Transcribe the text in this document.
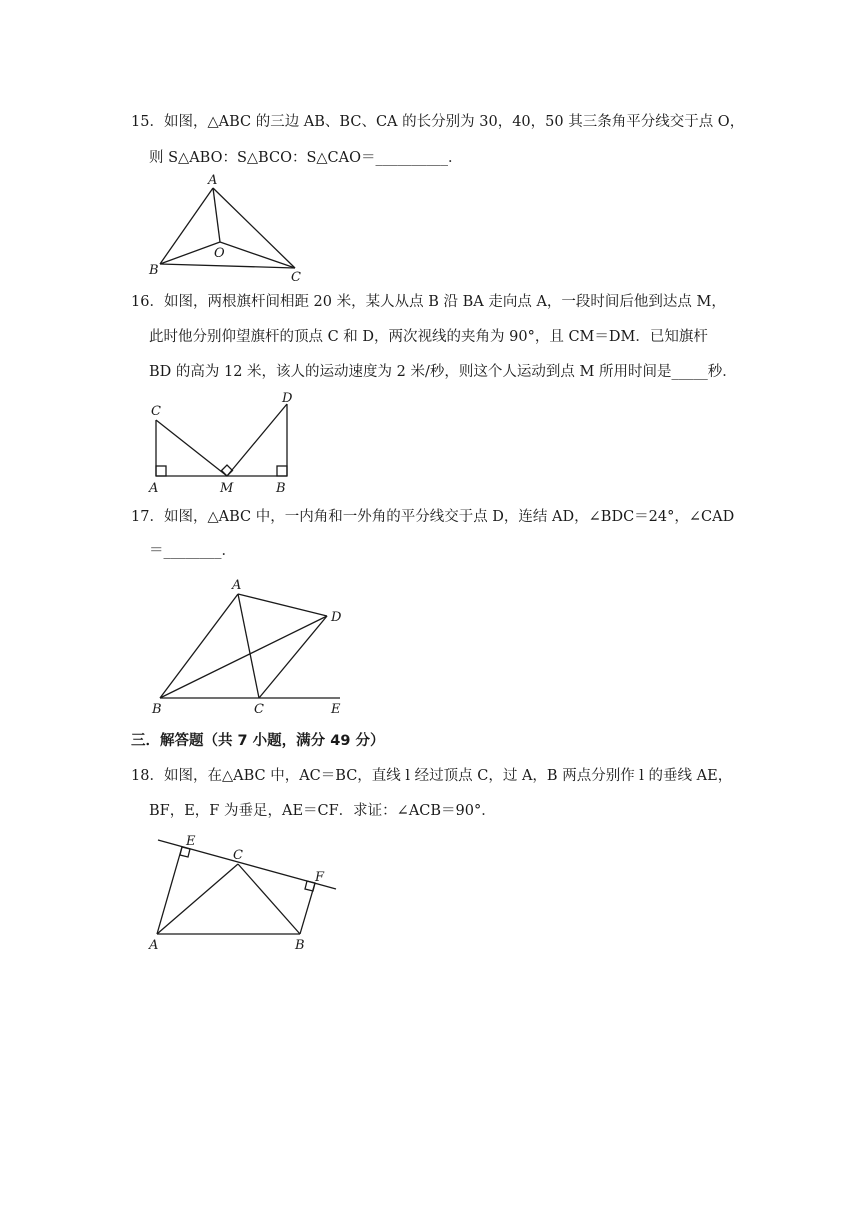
15．如图，△ABC 的三边 AB、BC、CA 的长分别为 30，40，50 其三条角平分线交于点 O，
则 S△ABO：S△BCO：S△CAO＝__________．
A
B	C
O
16．如图，两根旗杆间相距 20 米，某人从点 B 沿 BA 走向点 A，一段时间后他到达点 M，
此时他分别仰望旗杆的顶点 C 和 D，两次视线的夹角为 90°，且 CM＝DM．已知旗杆
BD 的高为 12 米，该人的运动速度为 2 米/秒，则这个人运动到点 M 所用时间是_____秒．
C
D
A	M	B
17．如图，△ABC 中，一内角和一外角的平分线交于点 D，连结 AD，∠BDC＝24°，∠CAD
＝________．
A
D
B	C	E
三．解答题（共 7 小题，满分 49 分）
18．如图，在△ABC 中，AC＝BC，直线 l 经过顶点 C，过 A，B 两点分别作 l 的垂线 AE，
BF，E，F 为垂足，AE＝CF．求证：∠ACB＝90°．
E
C
F
A	B
